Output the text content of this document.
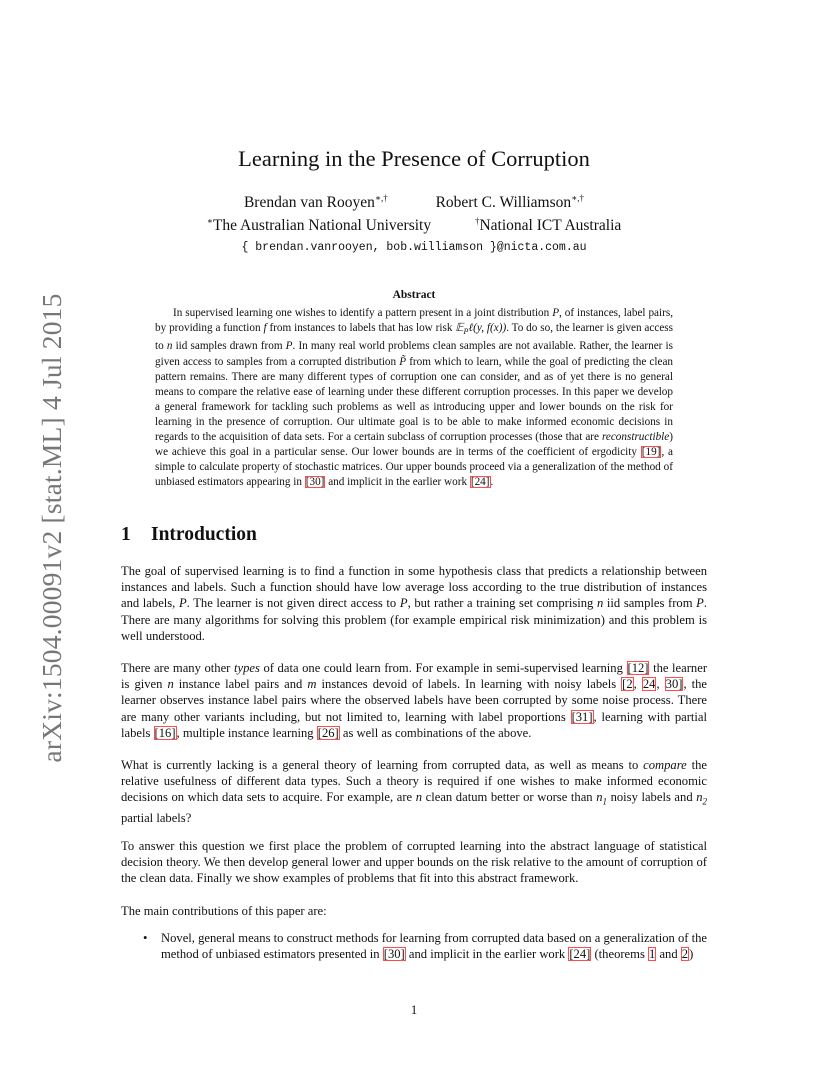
arXiv:1504.00091v2 [stat.ML] 4 Jul 2015
Learning in the Presence of Corruption
Brendan van Rooyen∗,†	Robert C. Williamson∗,†
∗The Australian National University	†National ICT Australia
{ brendan.vanrooyen, bob.williamson }@nicta.com.au
Abstract
In supervised learning one wishes to identify a pattern present in a joint distribution P, of instances, label pairs, by providing a function f from instances to labels that has low risk 𝔼$_P$ℓ(y, f(x)). To do so, the learner is given access to n iid samples drawn from P. In many real world problems clean samples are not available. Rather, the learner is given access to samples from a corrupted distribution P̃ from which to learn, while the goal of predicting the clean pattern remains. There are many different types of corruption one can consider, and as of yet there is no general means to compare the relative ease of learning under these different corruption processes. In this paper we develop a general framework for tackling such problems as well as introducing upper and lower bounds on the risk for learning in the presence of corruption. Our ultimate goal is to be able to make informed economic decisions in regards to the acquisition of data sets. For a certain subclass of corruption processes (those that are reconstructible) we achieve this goal in a particular sense. Our lower bounds are in terms of the coefficient of ergodicity [19], a simple to calculate property of stochastic matrices. Our upper bounds proceed via a generalization of the method of unbiased estimators appearing in [30] and implicit in the earlier work [24].
1 Introduction

The goal of supervised learning is to find a function in some hypothesis class that predicts a relationship between instances and labels. Such a function should have low average loss according to the true distribution of instances and labels, P. The learner is not given direct access to P, but rather a training set comprising n iid samples from P. There are many algorithms for solving this problem (for example empirical risk minimization) and this problem is well understood.

There are many other types of data one could learn from. For example in semi-supervised learning [12] the learner is given n instance label pairs and m instances devoid of labels. In learning with noisy labels [2, 24, 30], the learner observes instance label pairs where the observed labels have been corrupted by some noise process. There are many other variants including, but not limited to, learning with label proportions [31], learning with partial labels [16], multiple instance learning [26] as well as combinations of the above.

What is currently lacking is a general theory of learning from corrupted data, as well as means to compare the relative usefulness of different data types. Such a theory is required if one wishes to make informed economic decisions on which data sets to acquire. For example, are n clean datum better or worse than $n_1$ noisy labels and $n_2$ partial labels?

To answer this question we first place the problem of corrupted learning into the abstract language of statistical decision theory. We then develop general lower and upper bounds on the risk relative to the amount of corruption of the clean data. Finally we show examples of problems that fit into this abstract framework.

The main contributions of this paper are:

• Novel, general means to construct methods for learning from corrupted data based on a generalization of the method of unbiased estimators presented in [30] and implicit in the earlier work [24] (theorems 1 and 2)
1
